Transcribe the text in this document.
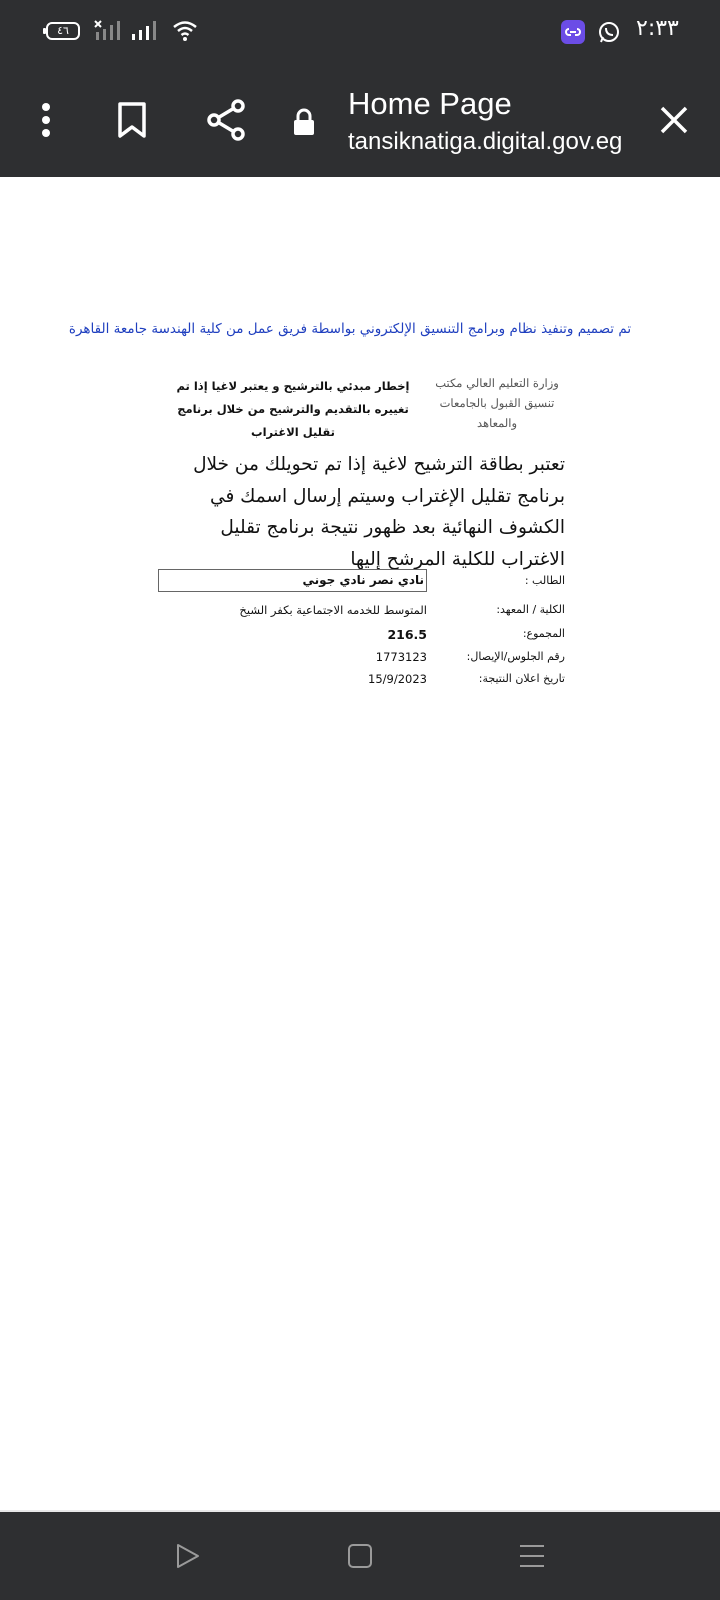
٤٦	٢:٣٣
Home Page
tansiknatiga.digital.gov.eg
تم تصميم وتنفيذ نظام وبرامج التنسيق الإلكتروني بواسطة فريق عمل من كلية الهندسة جامعة القاهرة
وزارة التعليم العالي مكتب تنسيق القبول بالجامعات والمعاهد
إخطار مبدئي بالترشيح و يعتبر لاغيا إذا تم تغييره بالتقديم والترشيح من خلال برنامج تقليل الاغتراب
تعتبر بطاقة الترشيح لاغية إذا تم تحويلك من خلال برنامج تقليل الإغتراب وسيتم إرسال اسمك في الكشوف النهائية بعد ظهور نتيجة برنامج تقليل الاغتراب للكلية المرشح إليها
الطالب :
نادي نصر نادي جوني
الكلية / المعهد:
المتوسط للخدمه الاجتماعية بكفر الشيخ
المجموع:
216.5
رقم الجلوس/الإيصال:
1773123
تاريخ اعلان النتيجة:
15/9/2023
